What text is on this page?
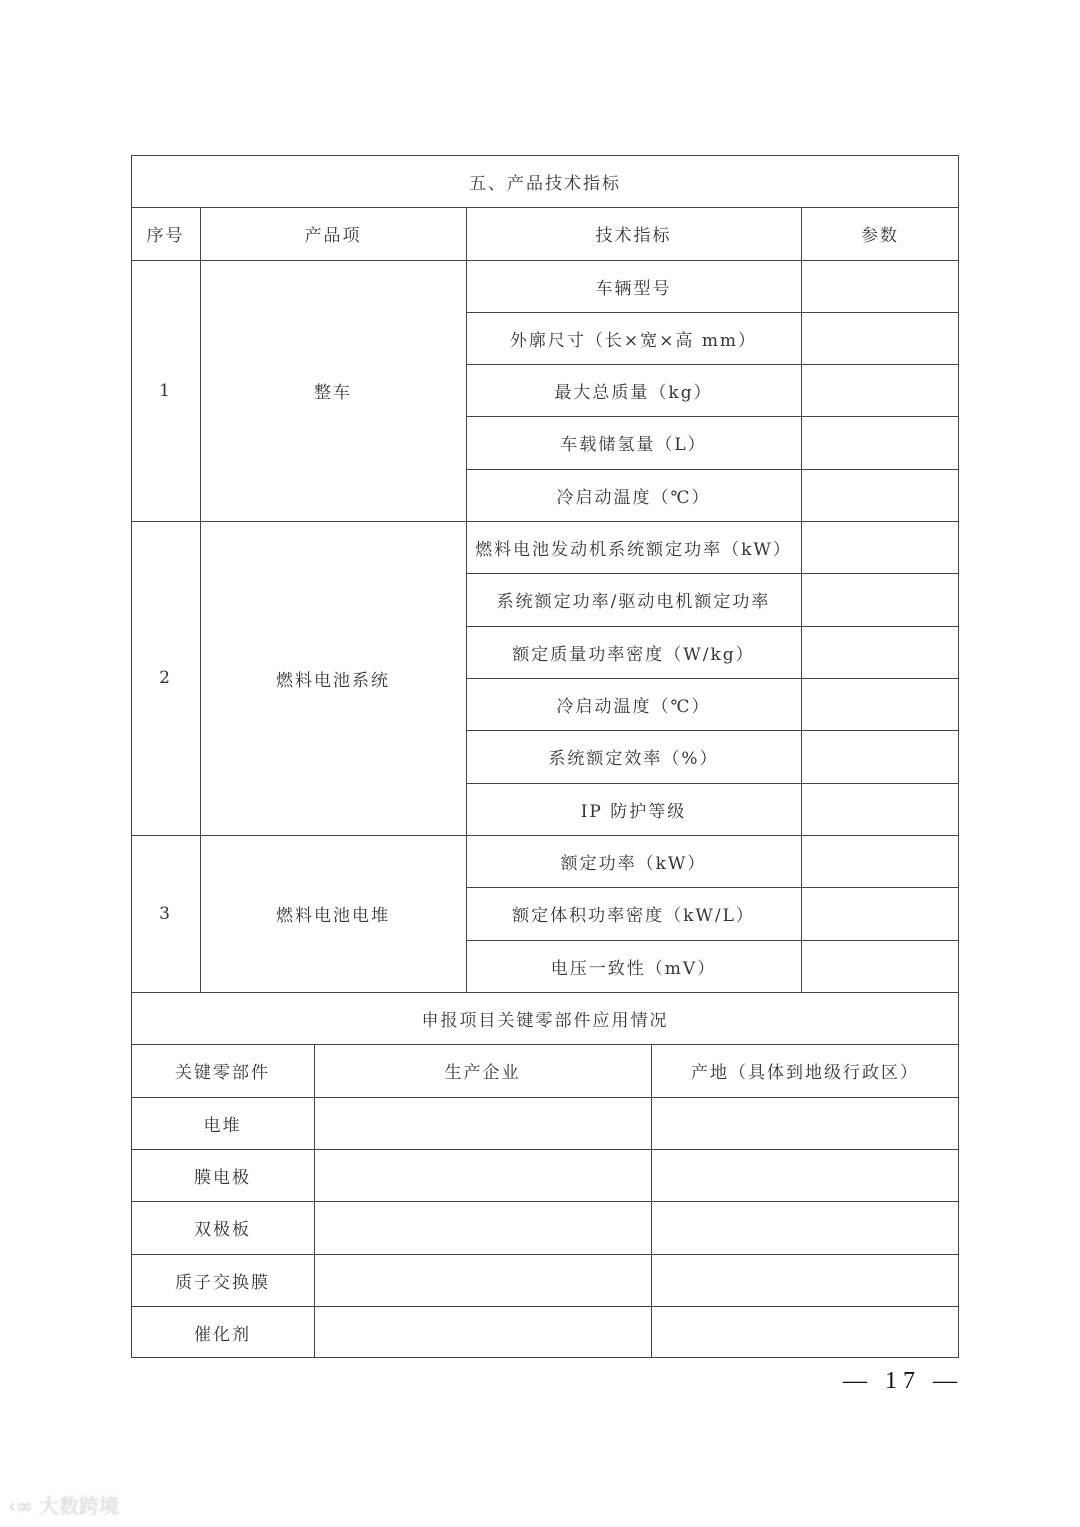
五、产品技术指标
序号	产品项	技术指标	参数
1	整车
车辆型号
外廓尺寸（长×宽×高 mm）
最大总质量（kg）
车载储氢量（L）
冷启动温度（℃）
2	燃料电池系统
燃料电池发动机系统额定功率（kW）
系统额定功率/驱动电机额定功率
额定质量功率密度（W/kg）
冷启动温度（℃）
系统额定效率（%）
IP 防护等级
3	燃料电池电堆
额定功率（kW）
额定体积功率密度（kW/L）
电压一致性（mV）
申报项目关键零部件应用情况
关键零部件	生产企业	产地（具体到地级行政区）
电堆
膜电极
双极板
质子交换膜
催化剂
— 17 —
‹∞ 大数跨境
